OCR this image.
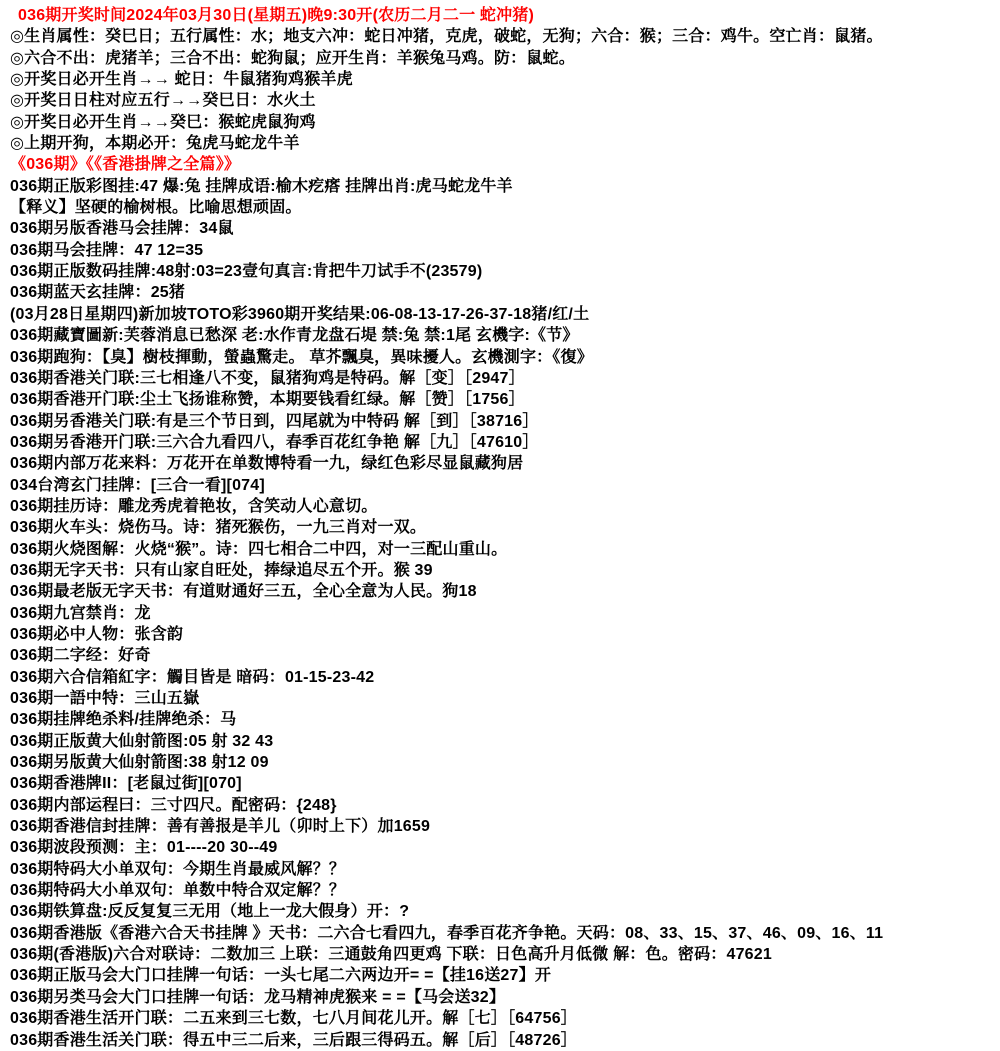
036期开奖时间2024年03月30日(星期五)晚9:30开(农历二月二一 蛇冲猪)
◎生肖属性：癸巳日；五行属性：水；地支六冲：蛇日冲猪，克虎，破蛇，无狗；六合：猴；三合：鸡牛。空亡肖：鼠猪。
◎六合不出：虎猪羊；三合不出：蛇狗鼠；应开生肖：羊猴兔马鸡。防：鼠蛇。
◎开奖日必开生肖→→ 蛇日：牛鼠猪狗鸡猴羊虎
◎开奖日日柱对应五行→→癸巳日：水火土
◎开奖日必开生肖→→癸巳：猴蛇虎鼠狗鸡
◎上期开狗，本期必开：兔虎马蛇龙牛羊
《036期》《《香港掛牌之全篇》》
036期正版彩图挂:47 爆:兔 挂牌成语:榆木疙瘩 挂牌出肖:虎马蛇龙牛羊
【释义】坚硬的榆树根。比喻思想顽固。
036期另版香港马会挂牌：34鼠
036期马会挂牌：47 12=35
036期正版数码挂牌:48射:03=23壹句真言:肯把牛刀试手不(23579)
036期蓝天玄挂牌：25猪
(03月28日星期四)新加坡TOTO彩3960期开奖结果:06-08-13-17-26-37-18猪/红/土
036期藏寶圖新:芙蓉消息已愁深 老:水作青龙盘石堤 禁:兔 禁:1尾 玄機字:《节》
036期跑狗：【臭】樹枝揮動，螢蟲驚走。 草芥飄臭，異味擾人。玄機測字：《復》
036期香港关门联:三七相逢八不变，鼠猪狗鸡是特码。解［变］［2947］
036期香港开门联:尘土飞扬谁称赞，本期要钱看红绿。解［赞］［1756］
036期另香港关门联:有是三个节日到，四尾就为中特码 解［到］［38716］
036期另香港开门联:三六合九看四八，春季百花红争艳 解［九］［47610］
036期内部万花来料：万花开在单数博特看一九，绿红色彩尽显鼠藏狗居
034台湾玄门挂牌：[三合一看][074]
036期挂历诗：雕龙秀虎着艳妆，含笑动人心意切。
036期火车头：烧伤马。诗：猪死猴伤，一九三肖对一双。
036期火烧图解：火烧“猴”。诗：四七相合二中四，对一三配山重山。
036期无字天书：只有山家自旺处，捧绿追尽五个开。猴 39
036期最老版无字天书：有道财通好三五，全心全意为人民。狗18
036期九宫禁肖：龙
036期必中人物：张含韵
036期二字经：好奇
036期六合信箱紅字：觸目皆是 暗码：01-15-23-42
036期一語中特：三山五嶽
036期挂牌绝杀料/挂牌绝杀：马
036期正版黄大仙射箭图:05 射 32 43
036期另版黄大仙射箭图:38 射12 09
036期香港牌II：[老鼠过街][070]
036期内部运程曰：三寸四尺。配密码：{248}
036期香港信封挂牌：善有善报是羊儿（卯时上下）加1659
036期波段预测：主：01----20 30--49
036期特码大小单双句：今期生肖最威风解？？
036期特码大小单双句：单数中特合双定解？？
036期铁算盘:反反复复三无用（地上一龙大假身）开：?
036期香港版《香港六合天书挂牌 》天书：二六合七看四九，春季百花齐争艳。天码：08、33、15、37、46、09、16、11
036期(香港版)六合对联诗：二数加三 上联：三通鼓角四更鸡 下联：日色高升月低微 解：色。密码：47621
036期正版马会大门口挂牌一句话：一头七尾二六两边开= =【挂16送27】开
036期另类马会大门口挂牌一句话：龙马精神虎猴来 = =【马会送32】
036期香港生活开门联：二五来到三七数，七八月间花儿开。解［七］［64756］
036期香港生活关门联：得五中三二后来，三后跟三得码五。解［后］［48726］
